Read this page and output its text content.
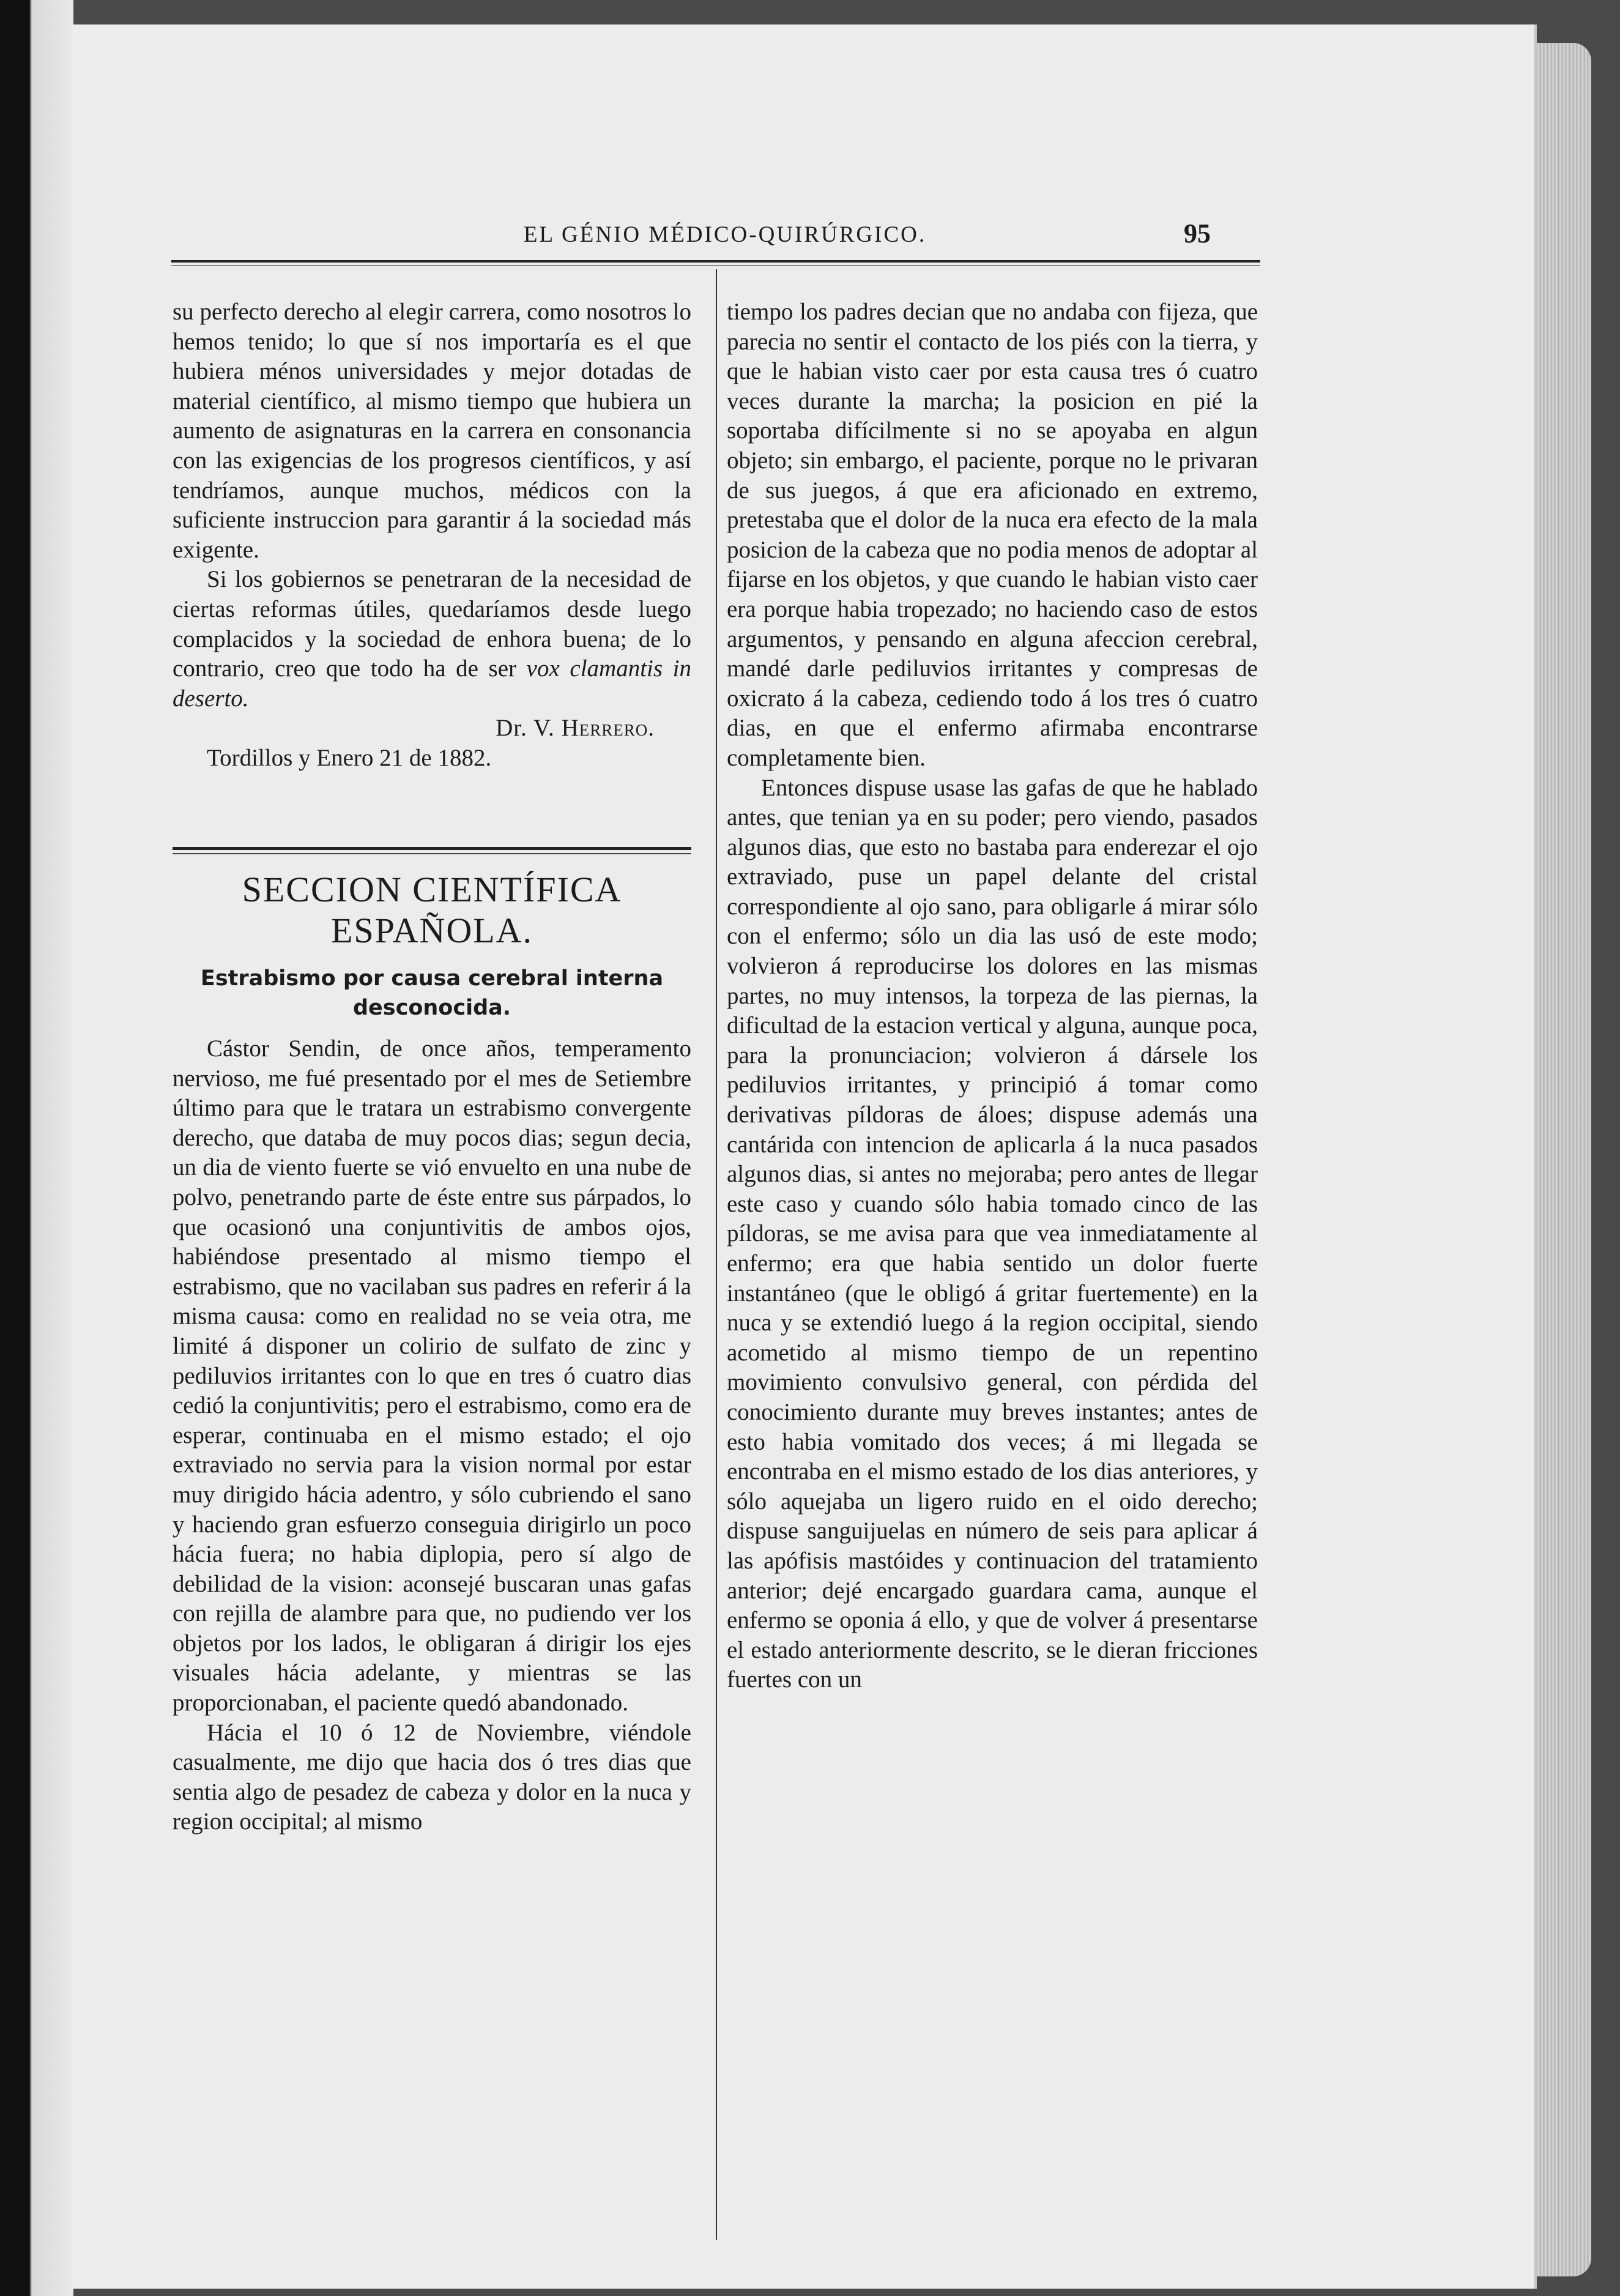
EL GÉNIO MÉDICO-QUIRÚRGICO.	95

su perfecto derecho al elegir carrera, como nosotros lo hemos tenido; lo que sí nos importaría es el que hubiera ménos universidades y mejor dotadas de material científico, al mismo tiempo que hubiera un aumento de asignaturas en la carrera en consonancia con las exigencias de los progresos científicos, y así tendríamos, aunque muchos, médicos con la suficiente instruccion para garantir á la sociedad más exigente.

Si los gobiernos se penetraran de la necesidad de ciertas reformas útiles, quedaríamos desde luego complacidos y la sociedad de enhora buena; de lo contrario, creo que todo ha de ser vox clamantis in deserto.

Dr. V. Herrero.

Tordillos y Enero 21 de 1882.

SECCION CIENTÍFICA ESPAÑOLA.
Estrabismo por causa cerebral interna desconocida.

Cástor Sendin, de once años, temperamento nervioso, me fué presentado por el mes de Setiembre último para que le tratara un estrabismo convergente derecho, que databa de muy pocos dias; segun decia, un dia de viento fuerte se vió envuelto en una nube de polvo, penetrando parte de éste entre sus párpados, lo que ocasionó una conjuntivitis de ambos ojos, habiéndose presentado al mismo tiempo el estrabismo, que no vacilaban sus padres en referir á la misma causa: como en realidad no se veia otra, me limité á disponer un colirio de sulfato de zinc y pediluvios irritantes con lo que en tres ó cuatro dias cedió la conjuntivitis; pero el estrabismo, como era de esperar, continuaba en el mismo estado; el ojo extraviado no servia para la vision normal por estar muy dirigido hácia adentro, y sólo cubriendo el sano y haciendo gran esfuerzo conseguia dirigirlo un poco hácia fuera; no habia diplopia, pero sí algo de debilidad de la vision: aconsejé buscaran unas gafas con rejilla de alambre para que, no pudiendo ver los objetos por los lados, le obligaran á dirigir los ejes visuales hácia adelante, y mientras se las proporcionaban, el paciente quedó abandonado.

Hácia el 10 ó 12 de Noviembre, viéndole casualmente, me dijo que hacia dos ó tres dias que sentia algo de pesadez de cabeza y dolor en la nuca y region occipital; al mismo

tiempo los padres decian que no andaba con fijeza, que parecia no sentir el contacto de los piés con la tierra, y que le habian visto caer por esta causa tres ó cuatro veces durante la marcha; la posicion en pié la soportaba difícilmente si no se apoyaba en algun objeto; sin embargo, el paciente, porque no le privaran de sus juegos, á que era aficionado en extremo, pretestaba que el dolor de la nuca era efecto de la mala posicion de la cabeza que no podia menos de adoptar al fijarse en los objetos, y que cuando le habian visto caer era porque habia tropezado; no haciendo caso de estos argumentos, y pensando en alguna afeccion cerebral, mandé darle pediluvios irritantes y compresas de oxicrato á la cabeza, cediendo todo á los tres ó cuatro dias, en que el enfermo afirmaba encontrarse completamente bien.

Entonces dispuse usase las gafas de que he hablado antes, que tenian ya en su poder; pero viendo, pasados algunos dias, que esto no bastaba para enderezar el ojo extraviado, puse un papel delante del cristal correspondiente al ojo sano, para obligarle á mirar sólo con el enfermo; sólo un dia las usó de este modo; volvieron á reproducirse los dolores en las mismas partes, no muy intensos, la torpeza de las piernas, la dificultad de la estacion vertical y alguna, aunque poca, para la pronunciacion; volvieron á dársele los pediluvios irritantes, y principió á tomar como derivativas píldoras de áloes; dispuse además una cantárida con intencion de aplicarla á la nuca pasados algunos dias, si antes no mejoraba; pero antes de llegar este caso y cuando sólo habia tomado cinco de las píldoras, se me avisa para que vea inmediatamente al enfermo; era que habia sentido un dolor fuerte instantáneo (que le obligó á gritar fuertemente) en la nuca y se extendió luego á la region occipital, siendo acometido al mismo tiempo de un repentino movimiento convulsivo general, con pérdida del conocimiento durante muy breves instantes; antes de esto habia vomitado dos veces; á mi llegada se encontraba en el mismo estado de los dias anteriores, y sólo aquejaba un ligero ruido en el oido derecho; dispuse sanguijuelas en número de seis para aplicar á las apófisis mastóides y continuacion del tratamiento anterior; dejé encargado guardara cama, aunque el enfermo se oponia á ello, y que de volver á presentarse el estado anteriormente descrito, se le dieran fricciones fuertes con un
